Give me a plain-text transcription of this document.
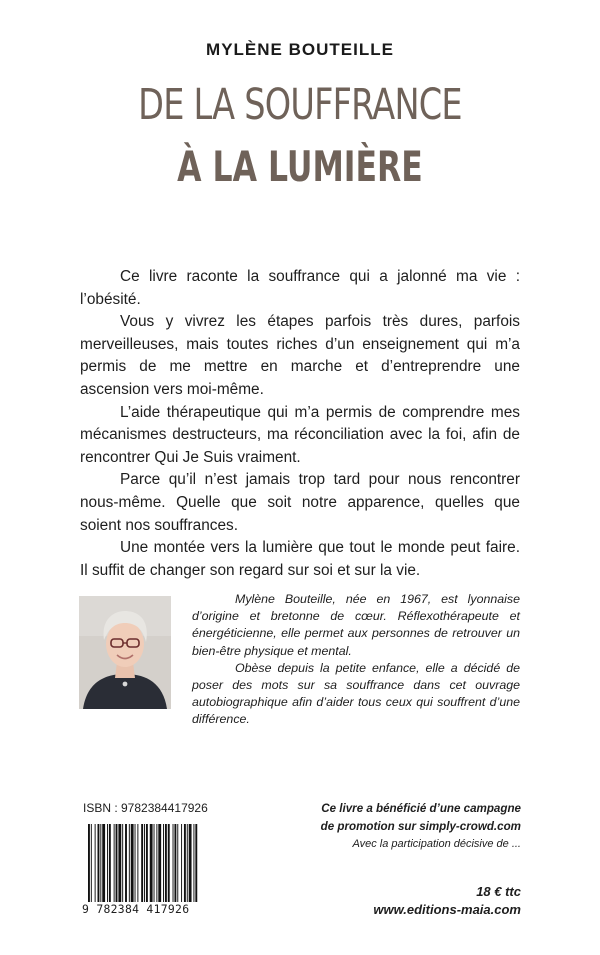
MYLÈNE BOUTEILLE
DE LA SOUFFRANCE
À LA LUMIÈRE

Ce livre raconte la souffrance qui a jalonné ma vie : l’obésité.

Vous y vivrez les étapes parfois très dures, parfois merveilleuses, mais toutes riches d’un enseignement qui m’a permis de me mettre en marche et d’entreprendre une ascension vers moi-même.

L’aide thérapeutique qui m’a permis de comprendre mes mécanismes destructeurs, ma réconciliation avec la foi, afin de rencontrer Qui Je Suis vraiment.

Parce qu’il n’est jamais trop tard pour nous rencontrer nous-même. Quelle que soit notre apparence, quelles que soient nos souffrances.

Une montée vers la lumière que tout le monde peut faire. Il suffit de changer son regard sur soi et sur la vie.

Mylène Bouteille, née en 1967, est lyonnaise d’origine et bretonne de cœur. Réflexothérapeute et énergéticienne, elle permet aux personnes de retrouver un bien-être physique et mental.

Obèse depuis la petite enfance, elle a décidé de poser des mots sur sa souffrance dans cet ouvrage autobiographique afin d’aider tous ceux qui souffrent d’une différence.

ISBN : 9782384417926
9 782384 417926
Ce livre a bénéficié d’une campagne
de promotion sur simply-crowd.com
Avec la participation décisive de ...
18 € ttc
www.editions-maia.com
